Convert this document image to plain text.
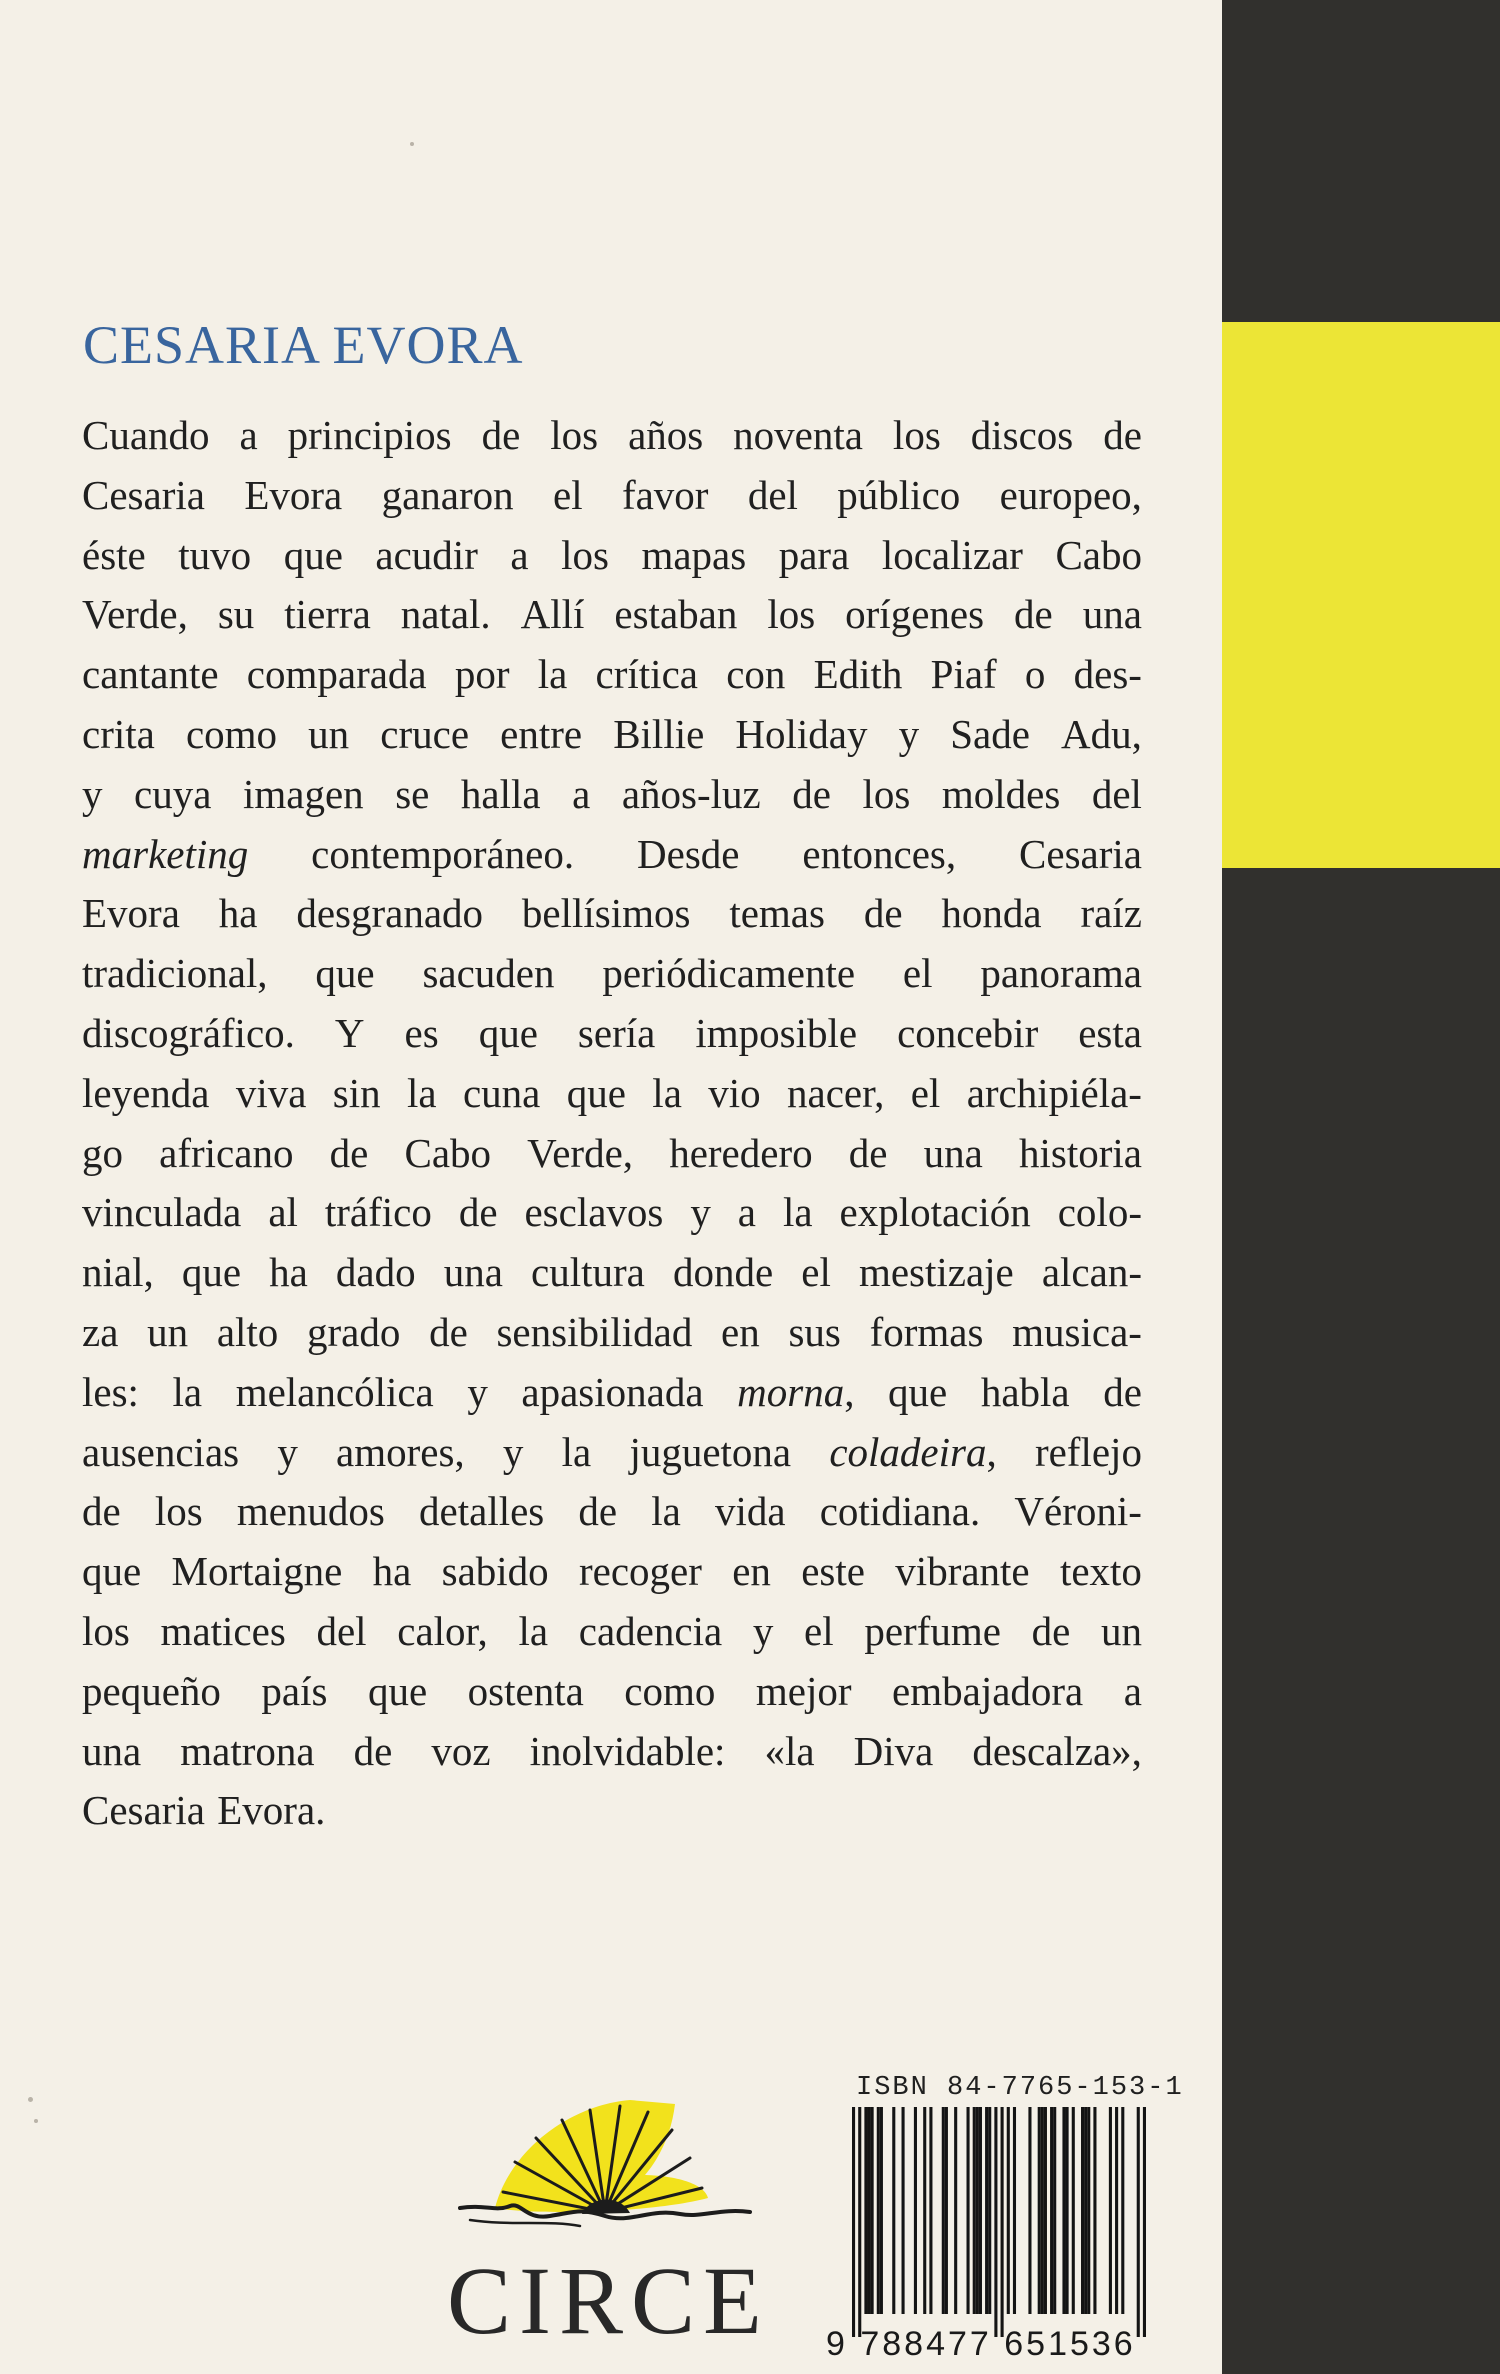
CESARIA EVORA
Cuando a principios de los años noventa los discos de
Cesaria Evora ganaron el favor del público europeo,
éste tuvo que acudir a los mapas para localizar Cabo
Verde, su tierra natal. Allí estaban los orígenes de una
cantante comparada por la crítica con Edith Piaf o des-
crita como un cruce entre Billie Holiday y Sade Adu,
y cuya imagen se halla a años-luz de los moldes del
marketing contemporáneo. Desde entonces, Cesaria
Evora ha desgranado bellísimos temas de honda raíz
tradicional, que sacuden periódicamente el panorama
discográfico. Y es que sería imposible concebir esta
leyenda viva sin la cuna que la vio nacer, el archipiéla-
go africano de Cabo Verde, heredero de una historia
vinculada al tráfico de esclavos y a la explotación colo-
nial, que ha dado una cultura donde el mestizaje alcan-
za un alto grado de sensibilidad en sus formas musica-
les: la melancólica y apasionada morna, que habla de
ausencias y amores, y la juguetona coladeira, reflejo
de los menudos detalles de la vida cotidiana. Véroni-
que Mortaigne ha sabido recoger en este vibrante texto
los matices del calor, la cadencia y el perfume de un
pequeño país que ostenta como mejor embajadora a
una matrona de voz inolvidable: «la Diva descalza»,
Cesaria Evora.
CIRCE
ISBN 84-7765-153-1
9 788477 651536
